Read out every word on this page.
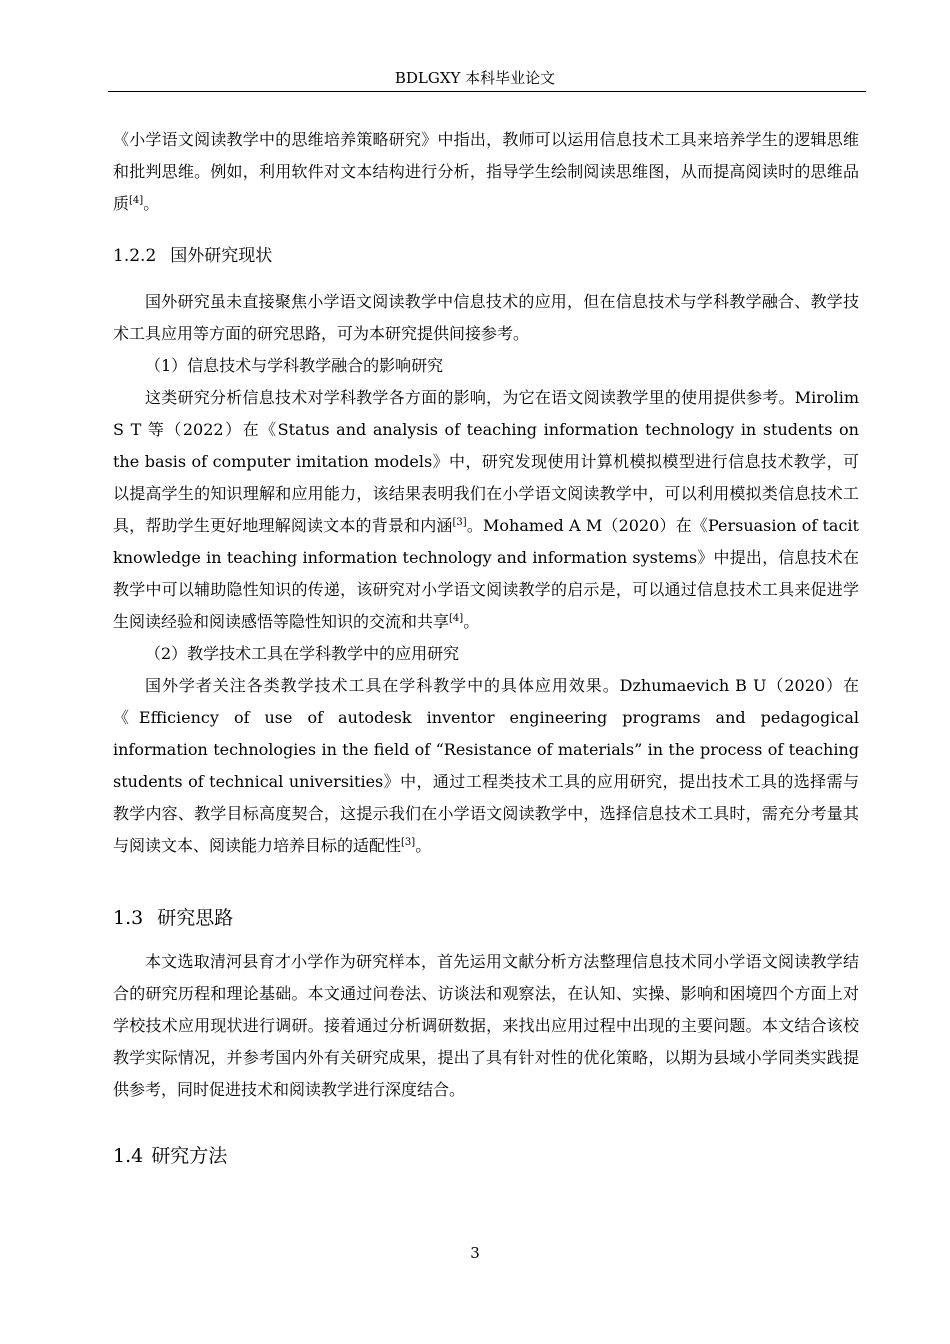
BDLGXY 本科毕业论文

《小学语文阅读教学中的思维培养策略研究》中指出，教师可以运用信息技术工具来培养学生的逻辑思维和批判思维。例如，利用软件对文本结构进行分析，指导学生绘制阅读思维图，从而提高阅读时的思维品质[4]。

1.2.2 国外研究现状

国外研究虽未直接聚焦小学语文阅读教学中信息技术的应用，但在信息技术与学科教学融合、教学技术工具应用等方面的研究思路，可为本研究提供间接参考。

（1）信息技术与学科教学融合的影响研究

这类研究分析信息技术对学科教学各方面的影响，为它在语文阅读教学里的使用提供参考。Mirolim S T 等（2022）在《Status and analysis of teaching information technology in students on the basis of computer imitation models》中，研究发现使用计算机模拟模型进行信息技术教学，可以提高学生的知识理解和应用能力，该结果表明我们在小学语文阅读教学中，可以利用模拟类信息技术工具，帮助学生更好地理解阅读文本的背景和内涵[3]。Mohamed A M（2020）在《Persuasion of tacit knowledge in teaching information technology and information systems》中提出，信息技术在教学中可以辅助隐性知识的传递，该研究对小学语文阅读教学的启示是，可以通过信息技术工具来促进学生阅读经验和阅读感悟等隐性知识的交流和共享[4]。

（2）教学技术工具在学科教学中的应用研究

国外学者关注各类教学技术工具在学科教学中的具体应用效果。Dzhumaevich B U（2020）在《Efficiency of use of autodesk inventor engineering programs and pedagogical information technologies in the field of “Resistance of materials” in the process of teaching students of technical universities》中，通过工程类技术工具的应用研究，提出技术工具的选择需与教学内容、教学目标高度契合，这提示我们在小学语文阅读教学中，选择信息技术工具时，需充分考量其与阅读文本、阅读能力培养目标的适配性[3]。

1.3 研究思路

本文选取清河县育才小学作为研究样本，首先运用文献分析方法整理信息技术同小学语文阅读教学结合的研究历程和理论基础。本文通过问卷法、访谈法和观察法，在认知、实操、影响和困境四个方面上对学校技术应用现状进行调研。接着通过分析调研数据，来找出应用过程中出现的主要问题。本文结合该校教学实际情况，并参考国内外有关研究成果，提出了具有针对性的优化策略，以期为县域小学同类实践提供参考，同时促进技术和阅读教学进行深度结合。

1.4 研究方法
3
